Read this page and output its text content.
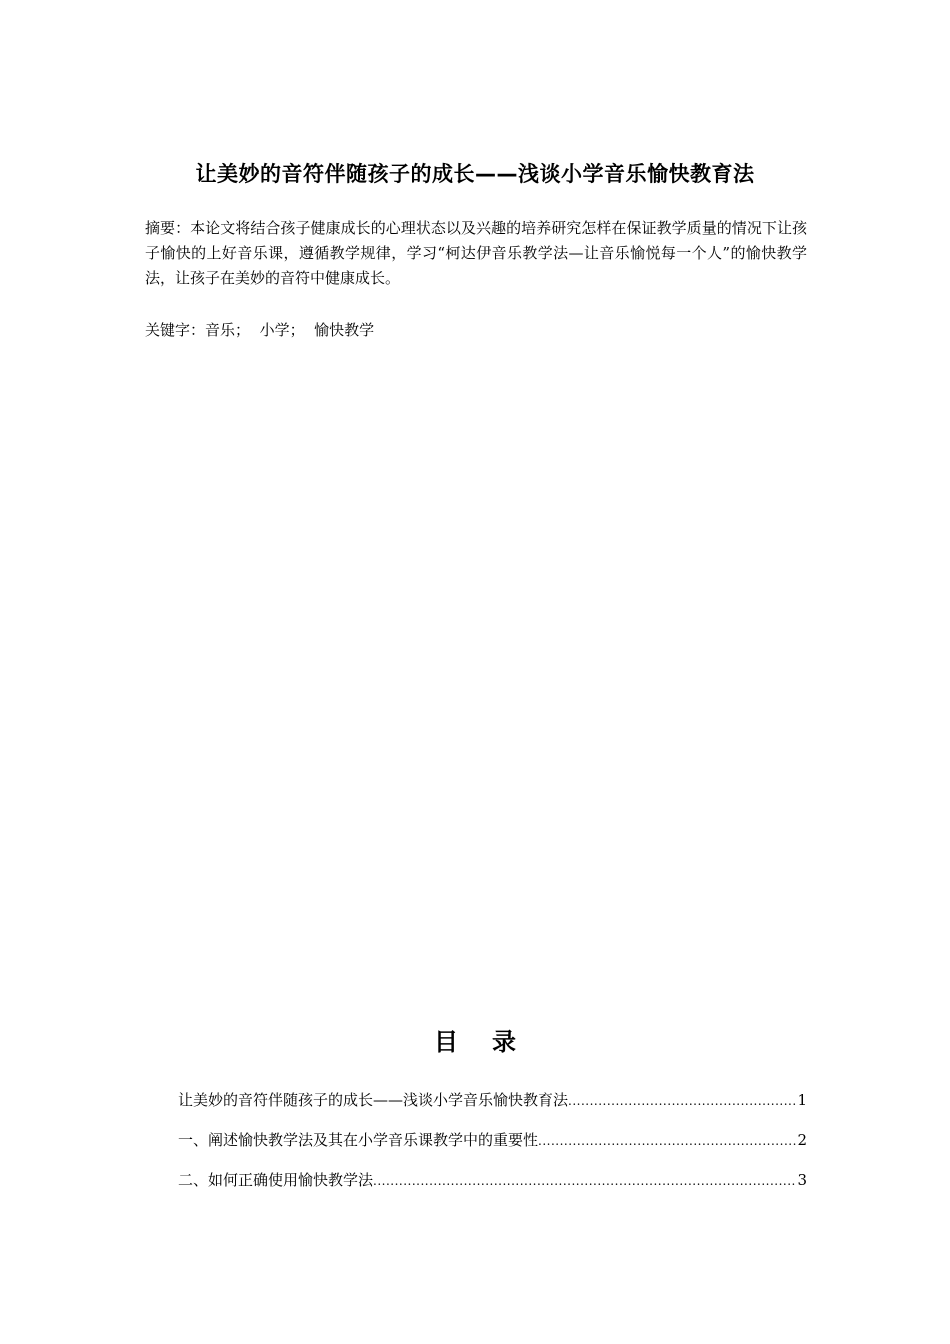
让美妙的音符伴随孩子的成长——浅谈小学音乐愉快教育法

摘要：本论文将结合孩子健康成长的心理状态以及兴趣的培养研究怎样在保证教学质量的情况下让孩子愉快的上好音乐课，遵循教学规律，学习“柯达伊音乐教学法—让音乐愉悦每一个人”的愉快教学法，让孩子在美妙的音符中健康成长。

关键字：音乐； 小学； 愉快教学

目 录
让美妙的音符伴随孩子的成长——浅谈小学音乐愉快教育法 .....	1
一、阐述愉快教学法及其在小学音乐课教学中的重要性 .....	2
二、如何正确使用愉快教学法 .....	3
